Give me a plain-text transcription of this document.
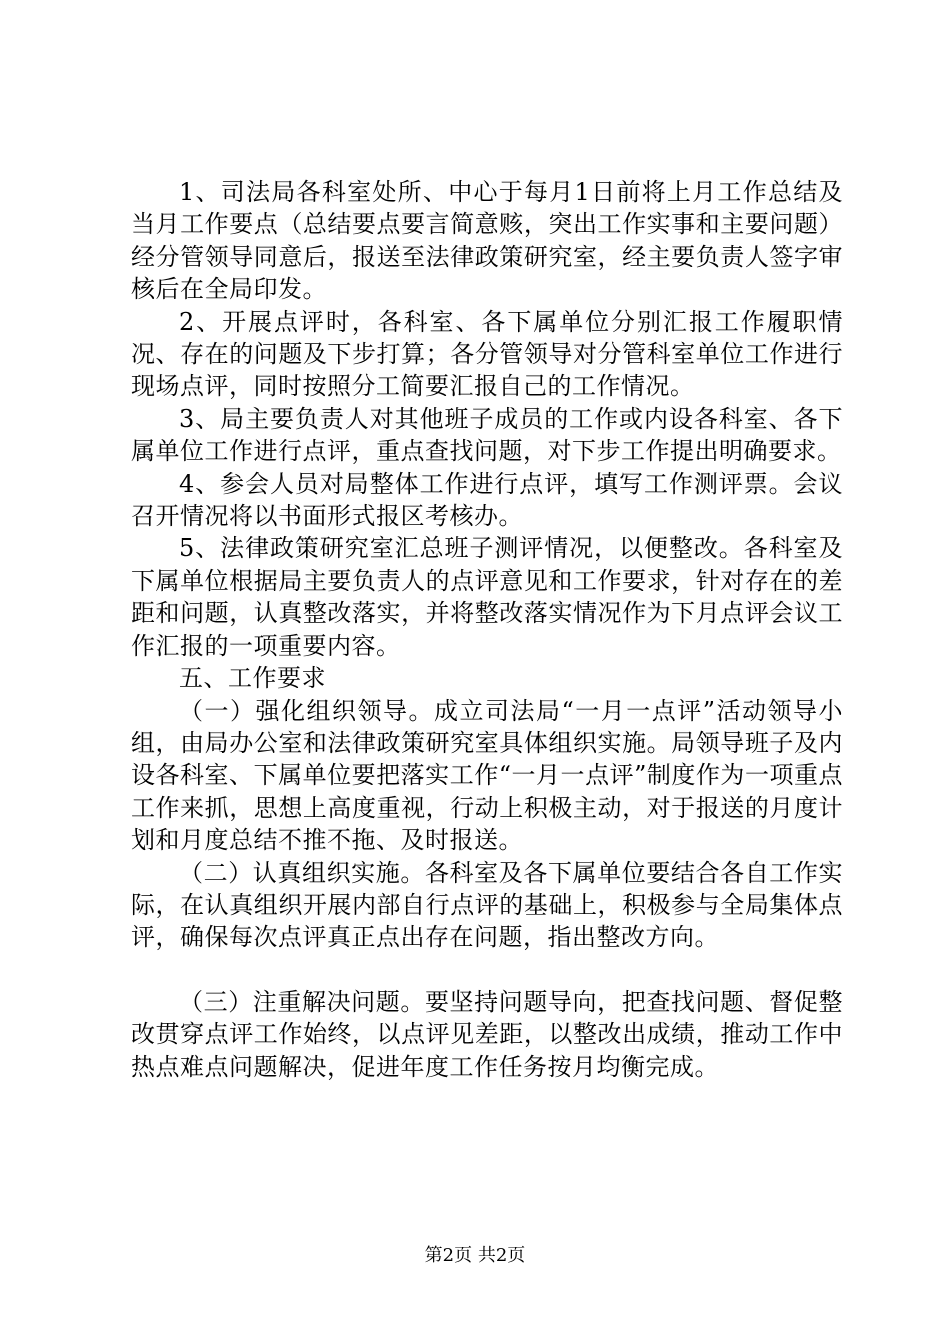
1、司法局各科室处所、中心于每月1日前将上月工作总结及当月工作要点（总结要点要言简意赅，突出工作实事和主要问题）经分管领导同意后，报送至法律政策研究室，经主要负责人签字审核后在全局印发。

2、开展点评时，各科室、各下属单位分别汇报工作履职情况、存在的问题及下步打算；各分管领导对分管科室单位工作进行现场点评，同时按照分工简要汇报自己的工作情况。

3、局主要负责人对其他班子成员的工作或内设各科室、各下属单位工作进行点评，重点查找问题，对下步工作提出明确要求。

4、参会人员对局整体工作进行点评，填写工作测评票。会议召开情况将以书面形式报区考核办。

5、法律政策研究室汇总班子测评情况，以便整改。各科室及下属单位根据局主要负责人的点评意见和工作要求，针对存在的差距和问题，认真整改落实，并将整改落实情况作为下月点评会议工作汇报的一项重要内容。

五、工作要求

（一）强化组织领导。成立司法局“一月一点评”活动领导小组，由局办公室和法律政策研究室具体组织实施。局领导班子及内设各科室、下属单位要把落实工作“一月一点评”制度作为一项重点工作来抓，思想上高度重视，行动上积极主动，对于报送的月度计划和月度总结不推不拖、及时报送。

（二）认真组织实施。各科室及各下属单位要结合各自工作实际，在认真组织开展内部自行点评的基础上，积极参与全局集体点评，确保每次点评真正点出存在问题，指出整改方向。

（三）注重解决问题。要坚持问题导向，把查找问题、督促整改贯穿点评工作始终，以点评见差距，以整改出成绩，推动工作中热点难点问题解决，促进年度工作任务按月均衡完成。

第2页 共2页
